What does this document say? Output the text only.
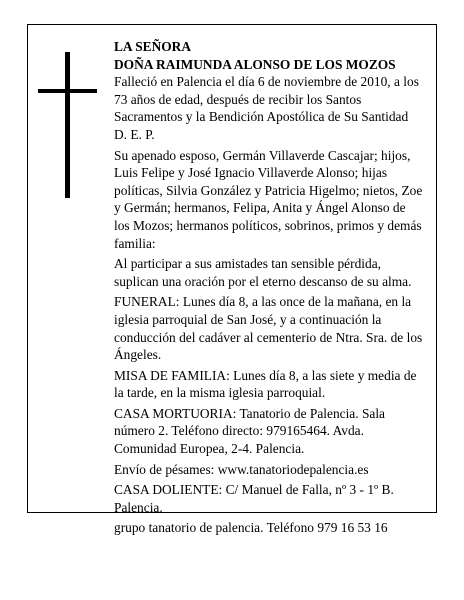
LA SEÑORA

DOÑA RAIMUNDA ALONSO DE LOS MOZOS

Falleció en Palencia el día 6 de noviembre de 2010, a los 73 años de edad, después de recibir los Santos Sacramentos y la Bendición Apostólica de Su Santidad D. E. P.

Su apenado esposo, Germán Villaverde Cascajar; hijos, Luis Felipe y José Ignacio Villaverde Alonso; hijas políticas, Silvia González y Patricia Higelmo; nietos, Zoe y Germán; hermanos, Felipa, Anita y Ángel Alonso de los Mozos; hermanos políticos, sobrinos, primos y demás familia:

Al participar a sus amistades tan sensible pérdida, suplican una oración por el eterno descanso de su alma.

FUNERAL: Lunes día 8, a las once de la mañana, en la iglesia parroquial de San José, y a continuación la conducción del cadáver al cementerio de Ntra. Sra. de los Ángeles.

MISA DE FAMILIA: Lunes día 8, a las siete y media de la tarde, en la misma iglesia parroquial.

CASA MORTUORIA: Tanatorio de Palencia. Sala número 2. Teléfono directo: 979165464. Avda. Comunidad Europea, 2-4. Palencia.

Envío de pésames: www.tanatoriodepalencia.es

CASA DOLIENTE: C/ Manuel de Falla, nº 3 - 1º B. Palencia.

grupo tanatorio de palencia. Teléfono 979 16 53 16
